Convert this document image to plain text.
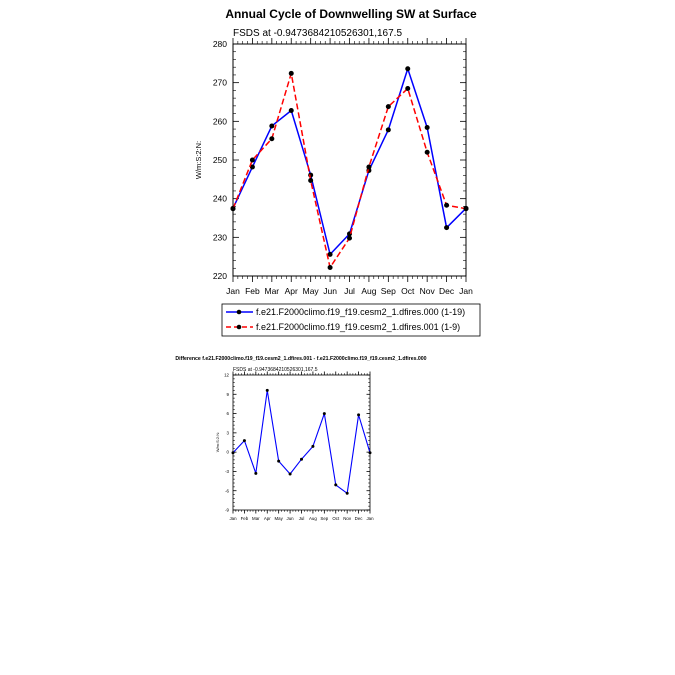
Annual Cycle of Downwelling SW at Surface
FSDS at -0.9473684210526301,167.5
W/m:S:2:N:
220
230
240
250
260
270
280
Jan Feb Mar Apr May Jun Jul Aug Sep Oct Nov Dec Jan
f.e21.F2000climo.f19_f19.cesm2_1.dfires.000 (1-19)
f.e21.F2000climo.f19_f19.cesm2_1.dfires.001 (1-9)
Difference f.e21.F2000climo.f19_f19.cesm2_1.dfires.001 - f.e21.F2000climo.f19_f19.cesm2_1.dfires.000
FSDS at -0.9473684210526301,167.5
W/m:S:2:N:
-9
-6
-3
0
3
6
9
12
Jan Feb Mar Apr May Jun Jul Aug Sep Oct Nov Dec Jan
